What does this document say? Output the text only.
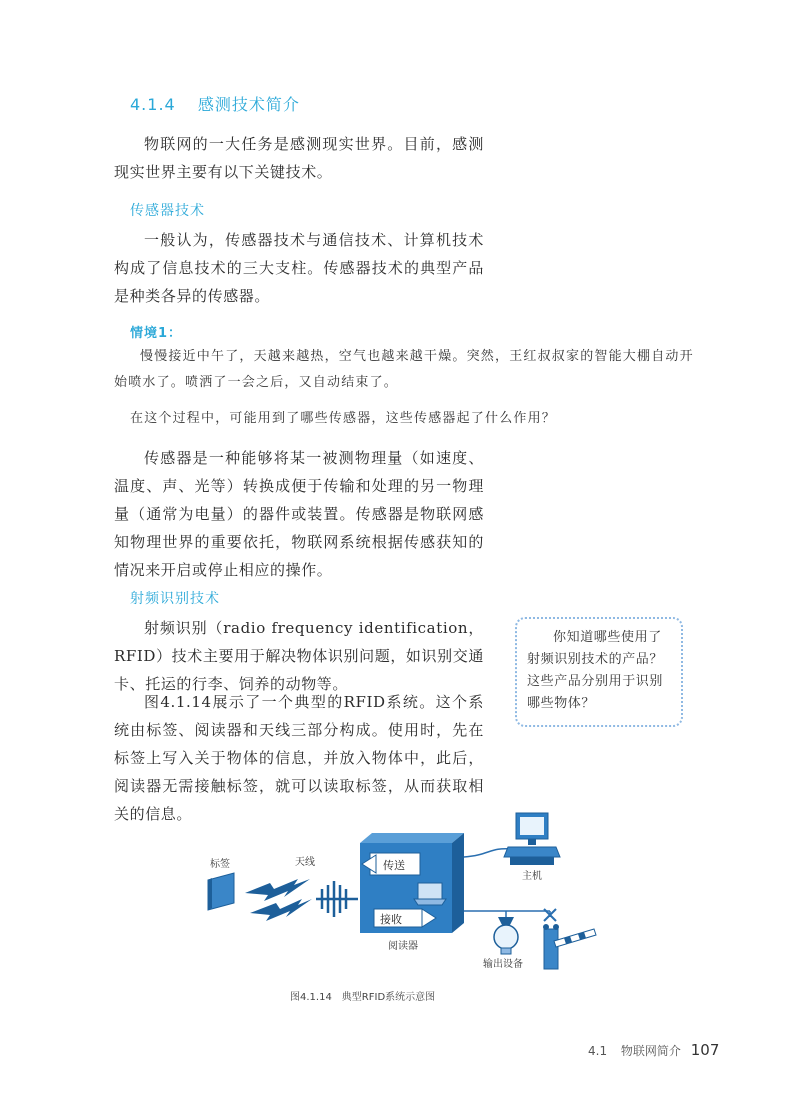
4.1.4 感测技术简介
物联网的一大任务是感测现实世界。目前，感测现实世界主要有以下关键技术。
传感器技术
一般认为，传感器技术与通信技术、计算机技术构成了信息技术的三大支柱。传感器技术的典型产品是种类各异的传感器。
情境1：
慢慢接近中午了，天越来越热，空气也越来越干燥。突然，王红叔叔家的智能大棚自动开始喷水了。喷洒了一会之后，又自动结束了。
在这个过程中，可能用到了哪些传感器，这些传感器起了什么作用？
传感器是一种能够将某一被测物理量（如速度、温度、声、光等）转换成便于传输和处理的另一物理量（通常为电量）的器件或装置。传感器是物联网感知物理世界的重要依托，物联网系统根据传感获知的情况来开启或停止相应的操作。
射频识别技术
射频识别（radio frequency identification，RFID）技术主要用于解决物体识别问题，如识别交通卡、托运的行李、饲养的动物等。
图4.1.14展示了一个典型的RFID系统。这个系统由标签、阅读器和天线三部分构成。使用时，先在标签上写入关于物体的信息，并放入物体中，此后，阅读器无需接触标签，就可以读取标签，从而获取相关的信息。
你知道哪些使用了射频识别技术的产品？这些产品分别用于识别哪些物体？
标签	天线	传送
接收
阅读器
主机
输出设备
图4.1.14　典型RFID系统示意图
4.1 物联网简介 107
